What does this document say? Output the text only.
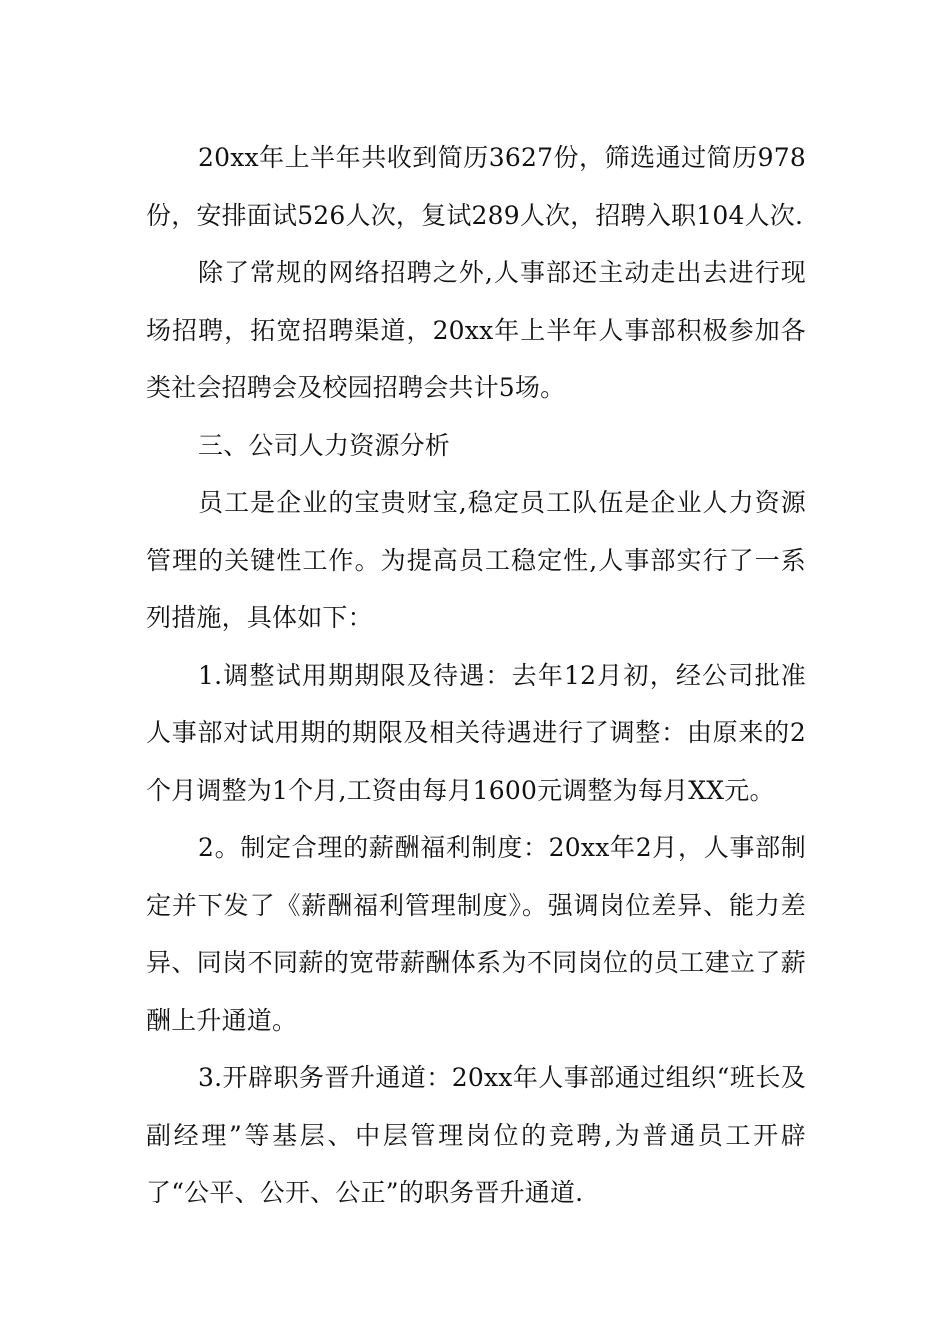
20xx年上半年共收到简历3627份，筛选通过简历978份，安排面试526人次，复试289人次，招聘入职104人次.

除了常规的网络招聘之外,人事部还主动走出去进行现场招聘，拓宽招聘渠道，20xx年上半年人事部积极参加各类社会招聘会及校园招聘会共计5场。

三、公司人力资源分析

员工是企业的宝贵财宝,稳定员工队伍是企业人力资源管理的关键性工作。为提高员工稳定性,人事部实行了一系列措施，具体如下：

1.调整试用期期限及待遇：去年12月初，经公司批准人事部对试用期的期限及相关待遇进行了调整：由原来的2个月调整为1个月,工资由每月1600元调整为每月XX元。

2。制定合理的薪酬福利制度：20xx年2月，人事部制定并下发了《薪酬福利管理制度》。强调岗位差异、能力差异、同岗不同薪的宽带薪酬体系为不同岗位的员工建立了薪酬上升通道。

3.开辟职务晋升通道：20xx年人事部通过组织“班长及副经理”等基层、中层管理岗位的竞聘,为普通员工开辟了“公平、公开、公正”的职务晋升通道.
